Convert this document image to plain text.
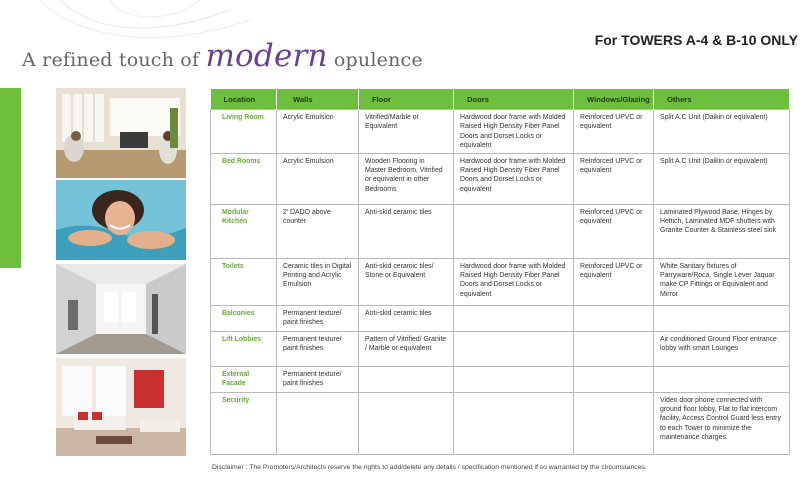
A refined touch of modern opulence
For TOWERS A-4 & B-10 ONLY
Location	Walls	Floor	Doors	Windows/Glazing	Others
Living Room	Acrylic Emulsion	Vitrified/Marble or Equivalent	Hardwood door frame with Molded Raised High Density Fiber Panel Doors and Dorset Locks or equivalent	Reinforced UPVC or equivalent	Split A.C Unit (Daikin or equivalent)
Bed Rooms	Acrylic Emulsion	Wooden Flooring in Master Bedroom, Vitrified or equivalent in other Bedrooms	Hardwood door frame with Molded Raised High Density Fiber Panel Doors and Dorset Locks or equivalent	Reinforced UPVC or equivalent	Split A.C Unit (Daikin or equivalent)
Modular Kitchen	2' DADO above counter	Anti-skid ceramic tiles		Reinforced UPVC or equivalent	Laminated Plywood Base, Hinges by Hettich, Laminated MDF shutters with Granite Counter & Stainless steel sink
Toilets	Ceramic tiles in Digital Printing and Acrylic Emulsion	Anti-skid ceramic tiles/ Stone or Equivalent	Hardwood door frame with Molded Raised High Density Fiber Panel Doors and Dorset Locks or equivalent	Reinforced UPVC or equivalent	White Sanitary fixtures of Parryware/Roca. Single Lever Jaquar make CP Fittings or Equivalent and Mirror
Balconies	Permanent texture/ paint finishes	Anti-skid ceramic tiles			
Lift Lobbies	Permanent texture/ paint finishes	Pattern of Vitrified/ Granite / Marble or equivalent			Air conditioned Ground Floor entrance lobby with smart Lounges
External Facade	Permanent texture/ paint finishes				
Security					Video door phone connected with ground floor lobby, Flat to flat intercom facility, Access Control Guard less entry to each Tower to minimize the maintenance charges.
Disclaimer : The Promoters/Architects reserve the rights to add/delete any details / specification mentioned if so warranted by the circumstances.
